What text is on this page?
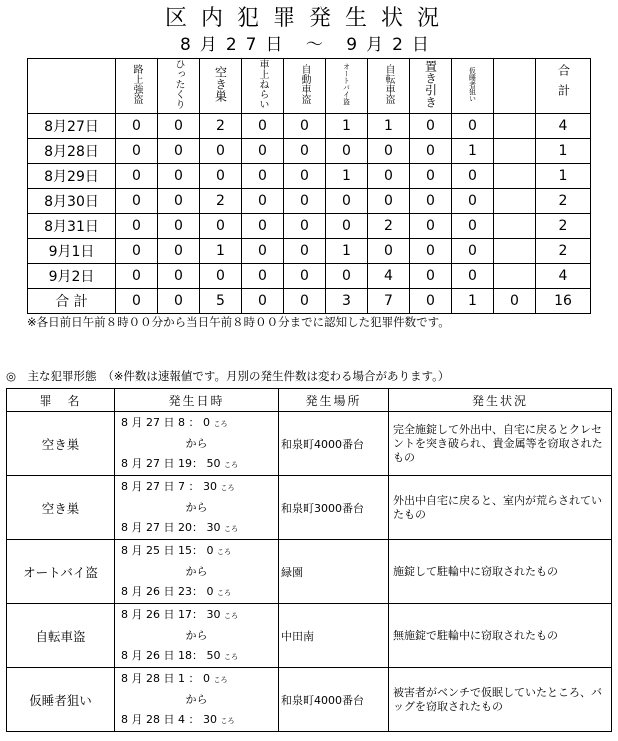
区内犯罪発生状況
8月27日 ～ 9月2日
	路上強盗	ひったくり	空き巣	車上ねらい	自動車盗	オートバイ盗	自転車盗	置き引き	仮睡者狙い		合計
8月27日	0	0	2	0	0	1	1	0	0		4
8月28日	0	0	0	0	0	0	0	0	1		1
8月29日	0	0	0	0	0	1	0	0	0		1
8月30日	0	0	2	0	0	0	0	0	0		2
8月31日	0	0	0	0	0	0	2	0	0		2
9月1日	0	0	1	0	0	1	0	0	0		2
9月2日	0	0	0	0	0	0	4	0	0		4
合 計	0	0	5	0	0	3	7	0	1	0	16
※各日前日午前８時００分から当日午前８時００分までに認知した犯罪件数です。
◎　主な犯罪形態　（※件数は速報値です。月別の発生件数は変わる場合があります。）
罪　名	発生日時	発生場所	発生状況
空き巣	8 月 27 日 8 ： 0 ころ
から
8 月 27 日 19： 50 ころ	和泉町4000番台	完全施錠して外出中、自宅に戻るとクレセントを突き破られ、貴金属等を窃取されたもの
空き巣	8 月 27 日 7 ： 30 ころ
から
8 月 27 日 20： 30 ころ	和泉町3000番台	外出中自宅に戻ると、室内が荒らされていたもの
オートバイ盗	8 月 25 日 15： 0 ころ
から
8 月 26 日 23： 0 ころ	緑園	施錠して駐輪中に窃取されたもの
自転車盗	8 月 26 日 17： 30 ころ
から
8 月 26 日 18： 50 ころ	中田南	無施錠で駐輪中に窃取されたもの
仮睡者狙い	8 月 28 日 1 ： 0 ころ
から
8 月 28 日 4 ： 30 ころ	和泉町4000番台	被害者がベンチで仮眠していたところ、バッグを窃取されたもの
